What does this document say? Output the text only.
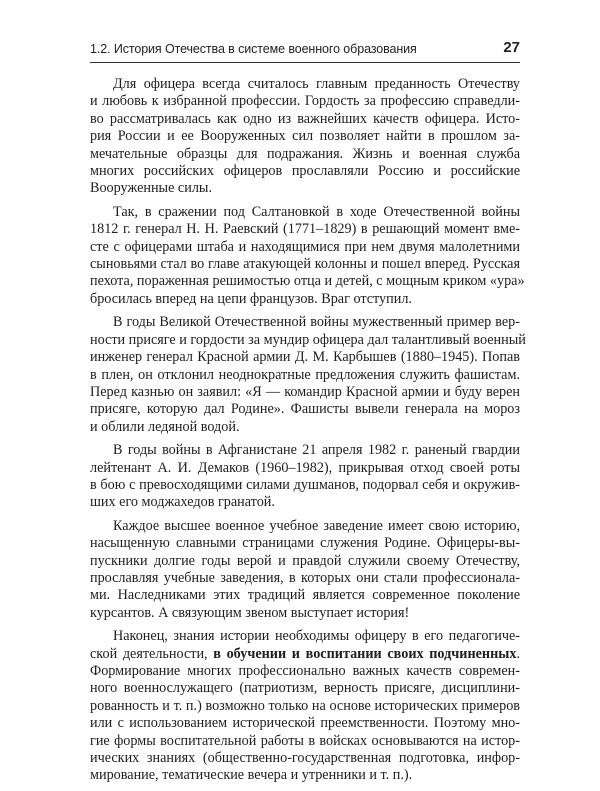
1.2. История Отечества в системе военного образования	27

Для офицера всегда считалось главным преданность Отечеству
и любовь к избранной профессии. Гордость за профессию справедли-
во рассматривалась как одно из важнейших качеств офицера. Исто-
рия России и ее Вооруженных сил позволяет найти в прошлом за-
мечательные образцы для подражания. Жизнь и военная служба
многих российских офицеров прославляли Россию и российские
Вооруженные силы.

Так, в сражении под Салтановкой в ходе Отечественной войны
1812 г. генерал Н. Н. Раевский (1771–1829) в решающий момент вме-
сте с офицерами штаба и находящимися при нем двумя малолетними
сыновьями стал во главе атакующей колонны и пошел вперед. Русская
пехота, пораженная решимостью отца и детей, с мощным криком «ура»
бросилась вперед на цепи французов. Враг отступил.

В годы Великой Отечественной войны мужественный пример вер-
ности присяге и гордости за мундир офицера дал талантливый военный
инженер генерал Красной армии Д. М. Карбышев (1880–1945). Попав
в плен, он отклонил неоднократные предложения служить фашистам.
Перед казнью он заявил: «Я — командир Красной армии и буду верен
присяге, которую дал Родине». Фашисты вывели генерала на мороз
и облили ледяной водой.

В годы войны в Афганистане 21 апреля 1982 г. раненый гвардии
лейтенант А. И. Демаков (1960–1982), прикрывая отход своей роты
в бою с превосходящими силами душманов, подорвал себя и окружив-
ших его моджахедов гранатой.

Каждое высшее военное учебное заведение имеет свою историю,
насыщенную славными страницами служения Родине. Офицеры-вы-
пускники долгие годы верой и правдой служили своему Отечеству,
прославляя учебные заведения, в которых они стали профессионала-
ми. Наследниками этих традиций является современное поколение
курсантов. А связующим звеном выступает история!

Наконец, знания истории необходимы офицеру в его педагогиче-
ской деятельности, в обучении и воспитании своих подчиненных.
Формирование многих профессионально важных качеств современ-
ного военнослужащего (патриотизм, верность присяге, дисциплини-
рованность и т. п.) возможно только на основе исторических примеров
или с использованием исторической преемственности. Поэтому мно-
гие формы воспитательной работы в войсках основываются на истор-
ических знаниях (общественно-государственная подготовка, инфор-
мирование, тематические вечера и утренники и т. п.).
